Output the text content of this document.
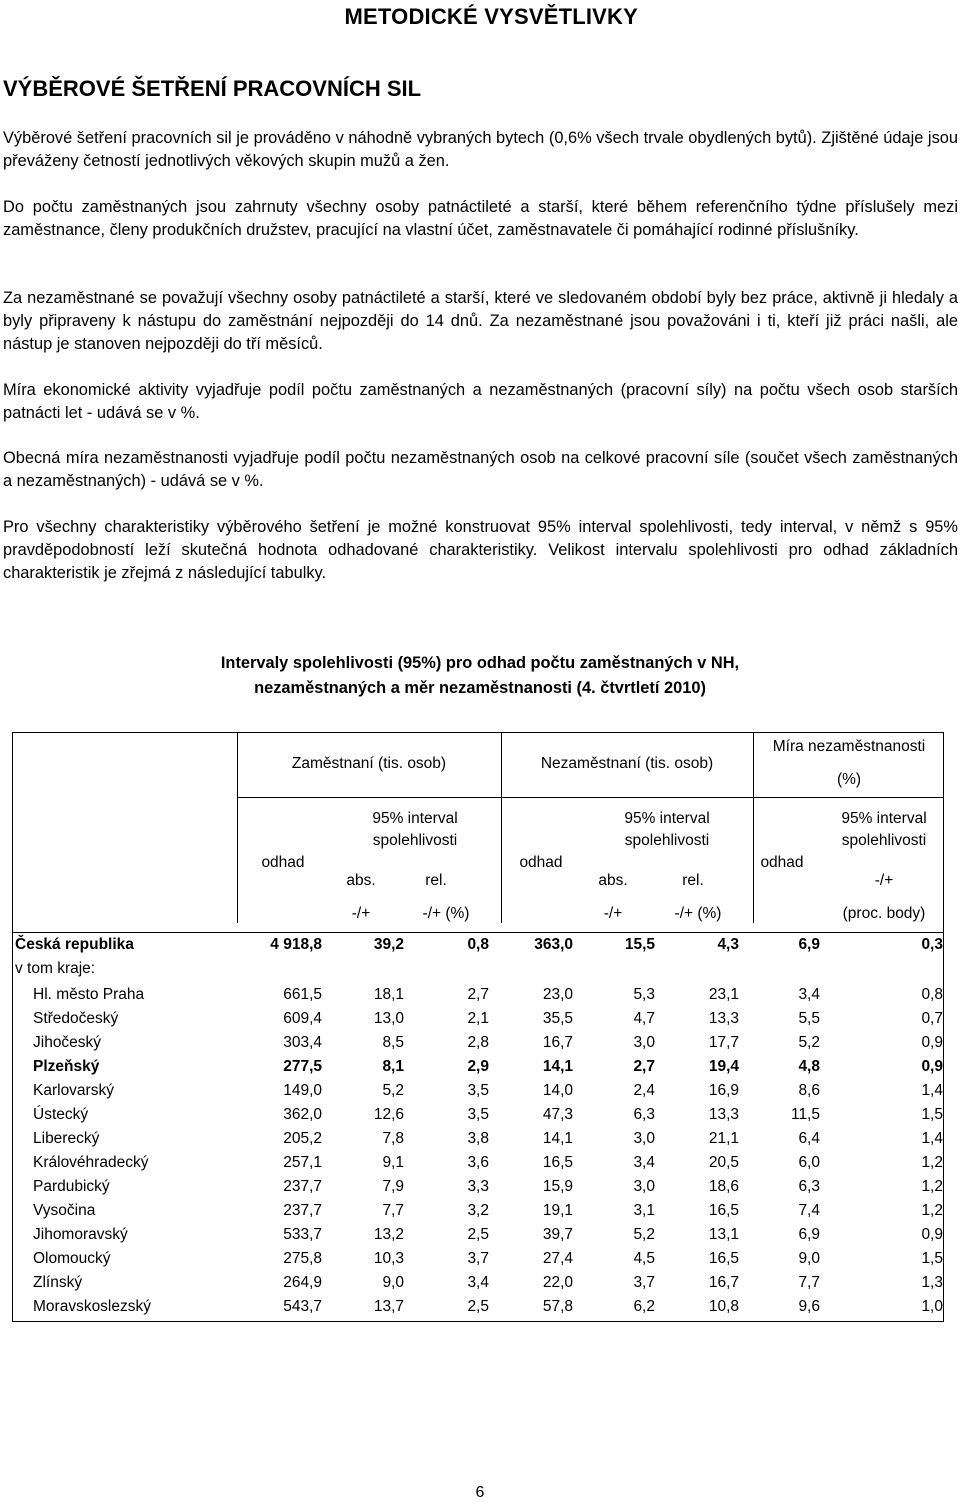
METODICKÉ VYSVĚTLIVKY
VÝBĚROVÉ ŠETŘENÍ PRACOVNÍCH SIL

Výběrové šetření pracovních sil je prováděno v náhodně vybraných bytech (0,6% všech trvale obydlených bytů). Zjištěné údaje jsou převáženy četností jednotlivých věkových skupin mužů a žen.

Do počtu zaměstnaných jsou zahrnuty všechny osoby patnáctileté a starší, které během referenčního týdne příslušely mezi zaměstnance, členy produkčních družstev, pracující na vlastní účet, zaměstnavatele či pomáhající rodinné příslušníky.

Za nezaměstnané se považují všechny osoby patnáctileté a starší, které ve sledovaném období byly bez práce, aktivně ji hledaly a byly připraveny k nástupu do zaměstnání nejpozději do 14 dnů. Za nezaměstnané jsou považováni i ti, kteří již práci našli, ale nástup je stanoven nejpozději do tří měsíců.

Míra ekonomické aktivity vyjadřuje podíl počtu zaměstnaných a nezaměstnaných (pracovní síly) na počtu všech osob starších patnácti let - udává se v %.

Obecná míra nezaměstnanosti vyjadřuje podíl počtu nezaměstnaných osob na celkové pracovní síle (součet všech zaměstnaných a nezaměstnaných) - udává se v %.

Pro všechny charakteristiky výběrového šetření je možné konstruovat 95% interval spolehlivosti, tedy interval, v němž s 95% pravděpodobností leží skutečná hodnota odhadované charakteristiky. Velikost intervalu spolehlivosti pro odhad základních charakteristik je zřejmá z následující tabulky.

Intervaly spolehlivosti (95%) pro odhad počtu zaměstnaných v NH,
nezaměstnaných a měr nezaměstnanosti (4. čtvrtletí 2010)
Zaměstnaní (tis. osob)	Nezaměstnaní (tis. osob)
Míra nezaměstnanosti
(%)
odhad
95% interval
spolehlivosti
abs.	rel.
-/+	-/+ (%)
odhad
95% interval
spolehlivosti
abs.	rel.
-/+	-/+ (%)
odhad
95% interval
spolehlivosti
-/+
(proc. body)
Česká republika	4 918,8	39,2	0,8	363,0	15,5	4,3	6,9	0,3
v tom kraje:
Hl. město Praha	661,5	18,1	2,7	23,0	5,3	23,1	3,4	0,8
Středočeský	609,4	13,0	2,1	35,5	4,7	13,3	5,5	0,7
Jihočeský	303,4	8,5	2,8	16,7	3,0	17,7	5,2	0,9
Plzeňský	277,5	8,1	2,9	14,1	2,7	19,4	4,8	0,9
Karlovarský	149,0	5,2	3,5	14,0	2,4	16,9	8,6	1,4
Ústecký	362,0	12,6	3,5	47,3	6,3	13,3	11,5	1,5
Liberecký	205,2	7,8	3,8	14,1	3,0	21,1	6,4	1,4
Královéhradecký	257,1	9,1	3,6	16,5	3,4	20,5	6,0	1,2
Pardubický	237,7	7,9	3,3	15,9	3,0	18,6	6,3	1,2
Vysočina	237,7	7,7	3,2	19,1	3,1	16,5	7,4	1,2
Jihomoravský	533,7	13,2	2,5	39,7	5,2	13,1	6,9	0,9
Olomoucký	275,8	10,3	3,7	27,4	4,5	16,5	9,0	1,5
Zlínský	264,9	9,0	3,4	22,0	3,7	16,7	7,7	1,3
Moravskoslezský	543,7	13,7	2,5	57,8	6,2	10,8	9,6	1,0
6
